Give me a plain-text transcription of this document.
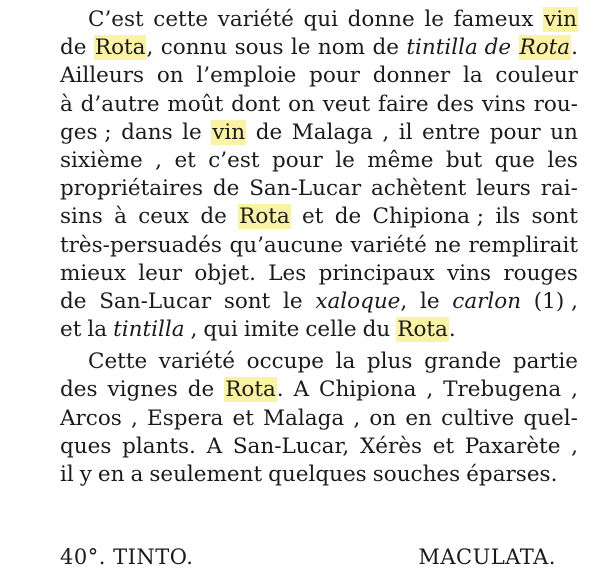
C’est cette variété qui donne le fameux vin
de Rota, connu sous le nom de tintilla de Rota.
Ailleurs on l’emploie pour donner la couleur
à d’autre moût dont on veut faire des vins rou-
ges ; dans le vin de Malaga , il entre pour un
sixième , et c’est pour le même but que les
propriétaires de San-Lucar achètent leurs rai-
sins à ceux de Rota et de Chipiona ; ils sont
très-persuadés qu’aucune variété ne remplirait
mieux leur objet. Les principaux vins rouges
de San-Lucar sont le xaloque, le carlon (1) ,
et la tintilla , qui imite celle du Rota.
Cette variété occupe la plus grande partie
des vignes de Rota. A Chipiona , Trebugena ,
Arcos , Espera et Malaga , on en cultive quel-
ques plants. A San-Lucar, Xérès et Paxarète ,
il y en a seulement quelques souches éparses.
40°. TINTO.	MACULATA.
